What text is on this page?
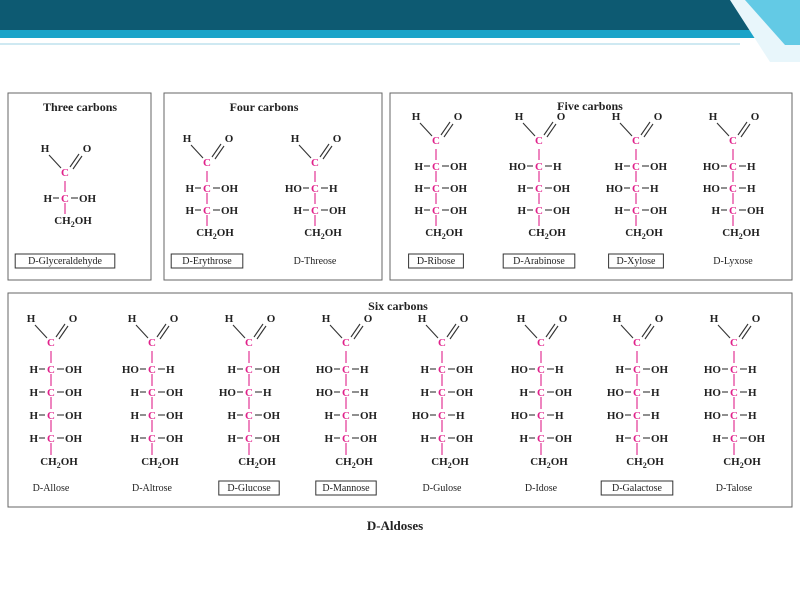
D-Aldoses
Three carbons
H
C
O
H C OH
$CH_2OH$
D-Glyceraldehyde
Four carbons
H
C
O
H C OH
H C OH
$CH_2OH$
D-Erythrose
H
C
O
HO C H
H C OH
$CH_2OH$
D-Threose
Five carbons
H
C
O
H C OH
H C OH
H C OH
$CH_2OH$
D-Ribose
H
C
O
HO C H
H C OH
H C OH
$CH_2OH$
D-Arabinose
H
C
O
H C OH
HO C H
H C OH
$CH_2OH$
D-Xylose
H
C
O
HO C H
HO C H
H C OH
$CH_2OH$
D-Lyxose
Six carbons
H
C
O
H C OH
H C OH
H C OH
H C OH
$CH_2OH$
D-Allose
H
C
O
HO C H
H C OH
H C OH
H C OH
$CH_2OH$
D-Altrose
H
C
O
H C OH
HO C H
H C OH
H C OH
$CH_2OH$
D-Glucose
H
C
O
HO C H
HO C H
H C OH
H C OH
$CH_2OH$
D-Mannose
H
C
O
H C OH
H C OH
HO C H
H C OH
$CH_2OH$
D-Gulose
H
C
O
HO C H
H C OH
HO C H
H C OH
$CH_2OH$
D-Idose
H
C
O
H C OH
HO C H
HO C H
H C OH
$CH_2OH$
D-Galactose
H
C
O
HO C H
HO C H
HO C H
H C OH
$CH_2OH$
D-Talose
